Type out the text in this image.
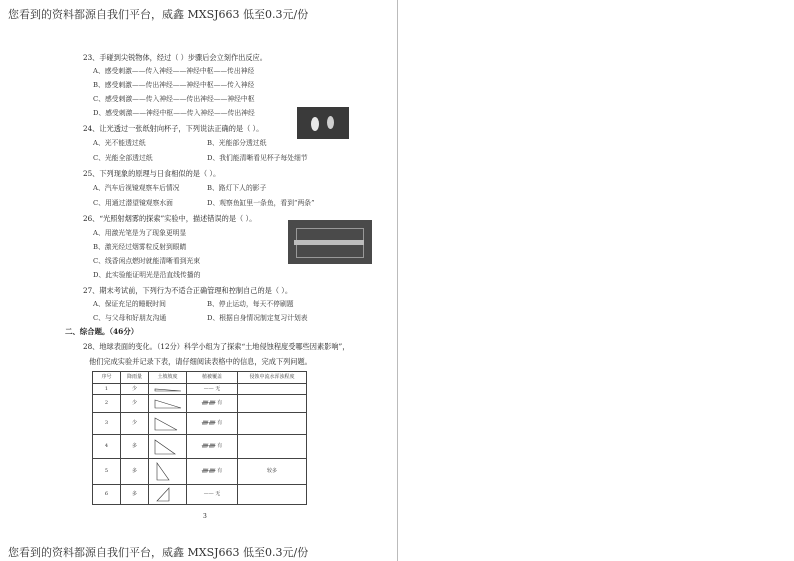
您看到的资料都源自我们平台，威鑫 MXSJ663 低至0.3元/份
23、手碰到尖锐物体，经过（ ）步骤后会立刻作出反应。
A、感受刺激——传入神经——神经中枢——传出神经
B、感受刺激——传出神经——神经中枢——传入神经
C、感受刺激——传入神经——传出神经——神经中枢
D、感受刺激——神经中枢——传入神经——传出神经
24、让光透过一张纸射向杯子，下列说法正确的是（ ）。
A、光不能透过纸	B、光能部分透过纸
C、光能全部透过纸	D、我们能清晰看见杯子每处细节
25、下列现象的原理与日食相似的是（ ）。
A、汽车后视镜观察车后情况	B、路灯下人的影子
C、用通过潜望镜观察水面	D、观察鱼缸里一条鱼，看到“两条”
26、“光照射烟雾的探索”实验中，描述错误的是（ ）。
A、用激光笔是为了现象更明显
B、激光经过烟雾粒反射到眼睛
C、线香闲点燃时就能清晰看到光束
D、此实验能证明光是沿直线传播的
27、期末考试前，下列行为不适合正确管理和控制自己的是（ ）。
A、保证充足的睡眠时间	B、停止运动，每天不停刷题
C、与父母和好朋友沟通	D、根据自身情况制定复习计划表
二、综合题。（46分）
28、地球表面的变化。（12分）科学小组为了探索“土地侵蚀程度受哪些因素影响”，
他们完成实验并记录下表，请仔细阅读表格中的信息，完成下列问题。
序号	降雨量	土坡坡度	植被覆盖	侵蚀中流水浑浊程度
1	少		—— 无	
2	少		ᚏᚏ 有	
3	少		ᚏᚏ 有	
4	多		ᚏᚏ 有	
5	多		ᚏᚏ 有	较多
6	多		—— 无	
3
您看到的资料都源自我们平台，威鑫 MXSJ663 低至0.3元/份
